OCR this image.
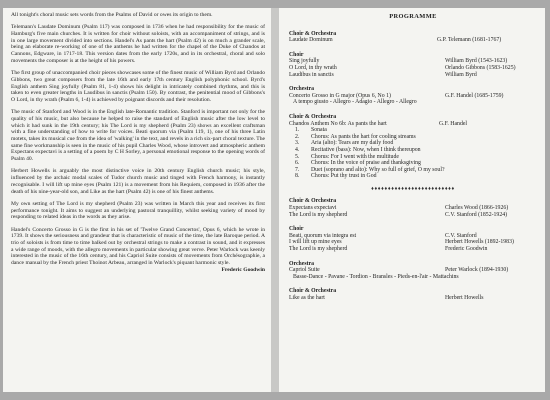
All tonight's choral music sets words from the Psalms of David or owes its origin to them.

Telemann's Laudate Dominum (Psalm 117) was composed in 1736 when he had responsibility for the music of Hamburg's five main churches. It is written for choir without soloists, with an accompaniment of strings, and is in one large movement divided into sections. Handel's As pants the hart (Psalm 42) is on much a grander scale, being an elaborate re-working of one of the anthems he had written for the chapel of the Duke of Chandos at Cannons, Edgware, in 1717-18. This version dates from the early 1720s, and in its orchestral, choral and solo movements the composer is at the height of his powers.

The first group of unaccompanied choir pieces showcases some of the finest music of William Byrd and Orlando Gibbons, two great composers from the late 16th and early 17th century English polyphonic school. Byrd's English anthem Sing joyfully (Psalm 81, 1-4) shows his delight in intricately combined rhythms, and this is taken to even greater lengths in Laudibus in sanctis (Psalm 150). By contrast, the penitential mood of Gibbons's O Lord, in thy wrath (Psalm 6, 1-4) is achieved by poignant discords and their resolution.

The music of Stanford and Wood is in the English late-Romantic tradition. Stanford is important not only for the quality of his music, but also because he helped to raise the standard of English music after the low level to which it had sunk in the 19th century; his The Lord is my shepherd (Psalm 23) shows an excellent craftsman with a fine understanding of how to write for voices. Beati quorum via (Psalm 119, 1), one of his three Latin motets, takes its musical cue from the idea of 'walking' in the text, and revels in a rich six-part choral texture. The same fine workmanship is seen in the music of his pupil Charles Wood, whose introvert and atmospheric anthem Expectans expectavi is a setting of a poem by C H Sorley, a personal emotional response to the opening words of Psalm 40.

Herbert Howells is arguably the most distinctive voice in 20th century English church music; his style, influenced by the archaic modal scales of Tudor church music and tinged with French harmony, is instantly recognisable. I will lift up mine eyes (Psalm 121) is a movement from his Requiem, composed in 1936 after the death of his nine-year-old son, and Like as the hart (Psalm 42) is one of his finest anthems.

My own setting of The Lord is my shepherd (Psalm 23) was written in March this year and receives its first performance tonight. It aims to suggest an underlying pastoral tranquillity, whilst seeking variety of mood by responding to related ideas in the words as they arise.

Handel's Concerto Grosso in G is the first in his set of 'Twelve Grand Concertos', Opus 6, which he wrote in 1739. It shows the seriousness and grandeur that is characteristic of music of the time, the late Baroque period. A trio of soloists is from time to time balked out by orchestral strings to make a contrast in sound, and it expresses a wide range of moods, with the allegro movements in particular showing great verve. Peter Warlock was keenly interested in the music of the 16th century, and his Capriol Suite consists of movements from Orchésographie, a dance manual by the French priest Thoinot Arbeau, arranged in Warlock's piquant harmonic style.

Frederic Goodwin
PROGRAMME
Choir & Orchestra
Laudate Dominum	G.P. Telemann (1681-1767)
Choir
Sing joyfully	William Byrd (1543-1623)
O Lord, in thy wrath	Orlando Gibbons (1583-1625)
Laudibus in sanctis	William Byrd
Orchestra
Concerto Grosso in G major (Opus 6, No 1)	G.F. Handel (1685-1759)
A tempo giusto - Allegro - Adagio - Allegro - Allegro
Choir & Orchestra
Chandos Anthem No 6b: As pants the hart	G.F. Handel
1.	Sonata
2.	Chorus: As pants the hart for cooling streams
3.	Aria (alto): Tears are my daily food
4.	Recitative (bass): Now, when I think thereupon
5.	Chorus: For I went with the multitude
6.	Chorus: In the voice of praise and thanksgiving
7.	Duet (soprano and alto): Why so full of grief, O my soul?
8.	Chorus: Put thy trust in God
♦♦♦♦♦♦♦♦♦♦♦♦♦♦♦♦♦♦♦♦♦♦♦♦♦
Choir & Orchestra
Expectans expectavi	Charles Wood (1866-1926)
The Lord is my shepherd	C.V. Stanford (1852-1924)
Choir
Beati, quorum via integra est	C.V. Stanford
I will lift up mine eyes	Herbert Howells (1892-1983)
The Lord is my shepherd	Frederic Goodwin
Orchestra
Capriol Suite	Peter Warlock (1894-1930)
Basse-Dance - Pavane - Tordion - Bransles - Pieds-en-l'air - Mattachins
Choir & Orchestra
Like as the hart	Herbert Howells
